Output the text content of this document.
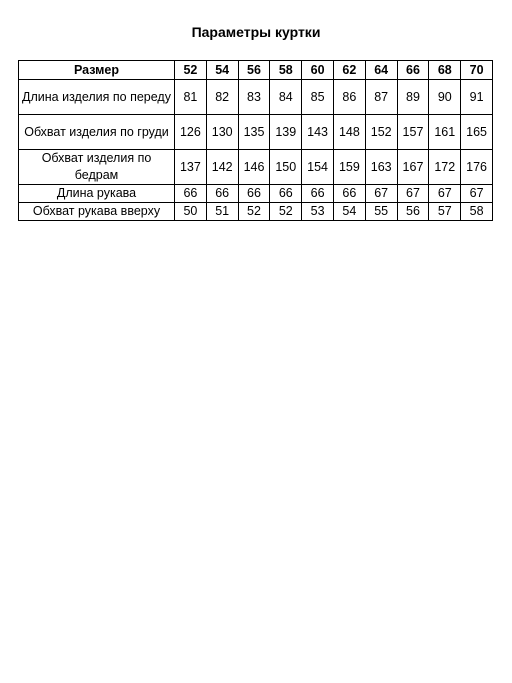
Параметры куртки
Размер	52	54	56	58	60	62	64	66	68	70
Длина изделия по переду	81	82	83	84	85	86	87	89	90	91
Обхват изделия по груди	126	130	135	139	143	148	152	157	161	165
Обхват изделия по бедрам	137	142	146	150	154	159	163	167	172	176
Длина рукава	66	66	66	66	66	66	67	67	67	67
Обхват рукава вверху	50	51	52	52	53	54	55	56	57	58
